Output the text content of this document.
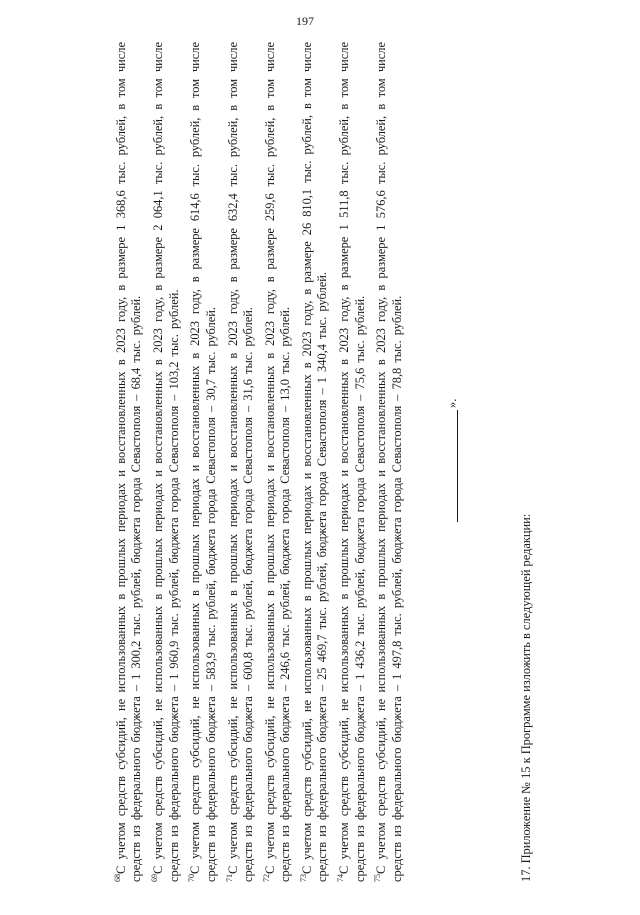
197

$^{68}$С учетом средств субсидий, не использованных в прошлых периодах и восстановленных в 2023 году, в размере 1 368,6 тыс. рублей, в том числе средств из федерального бюджета – 1 300,2 тыс. рублей, бюджета города Севастополя – 68,4 тыс. рублей. $^{69}$С учетом средств субсидий, не использованных в прошлых периодах и восстановленных в 2023 году, в размере 2 064,1 тыс. рублей, в том числе средств из федерального бюджета – 1 960,9 тыс. рублей, бюджета города Севастополя – 103,2 тыс. рублей. $^{70}$С учетом средств субсидий, не использованных в прошлых периодах и восстановленных в 2023 году, в размере 614,6 тыс. рублей, в том числе средств из федерального бюджета – 583,9 тыс. рублей, бюджета города Севастополя – 30,7 тыс. рублей. $^{71}$С учетом средств субсидий, не использованных в прошлых периодах и восстановленных в 2023 году, в размере 632,4 тыс. рублей, в том числе средств из федерального бюджета – 600,8 тыс. рублей, бюджета города Севастополя – 31,6 тыс. рублей. $^{72}$С учетом средств субсидий, не использованных в прошлых периодах и восстановленных в 2023 году, в размере 259,6 тыс. рублей, в том числе средств из федерального бюджета – 246,6 тыс. рублей, бюджета города Севастополя – 13,0 тыс. рублей. $^{73}$С учетом средств субсидий, не использованных в прошлых периодах и восстановленных в 2023 году, в размере 26 810,1 тыс. рублей, в том числе средств из федерального бюджета – 25 469,7 тыс. рублей, бюджета города Севастополя – 1 340,4 тыс. рублей. $^{74}$С учетом средств субсидий, не использованных в прошлых периодах и восстановленных в 2023 году, в размере 1 511,8 тыс. рублей, в том числе средств из федерального бюджета – 1 436,2 тыс. рублей, бюджета города Севастополя – 75,6 тыс. рублей. $^{75}$С учетом средств субсидий, не использованных в прошлых периодах и восстановленных в 2023 году, в размере 1 576,6 тыс. рублей, в том числе средств из федерального бюджета – 1 497,8 тыс. рублей, бюджета города Севастополя – 78,8 тыс. рублей.	».

17. Приложение № 15 к Программе изложить в следующей редакции:
